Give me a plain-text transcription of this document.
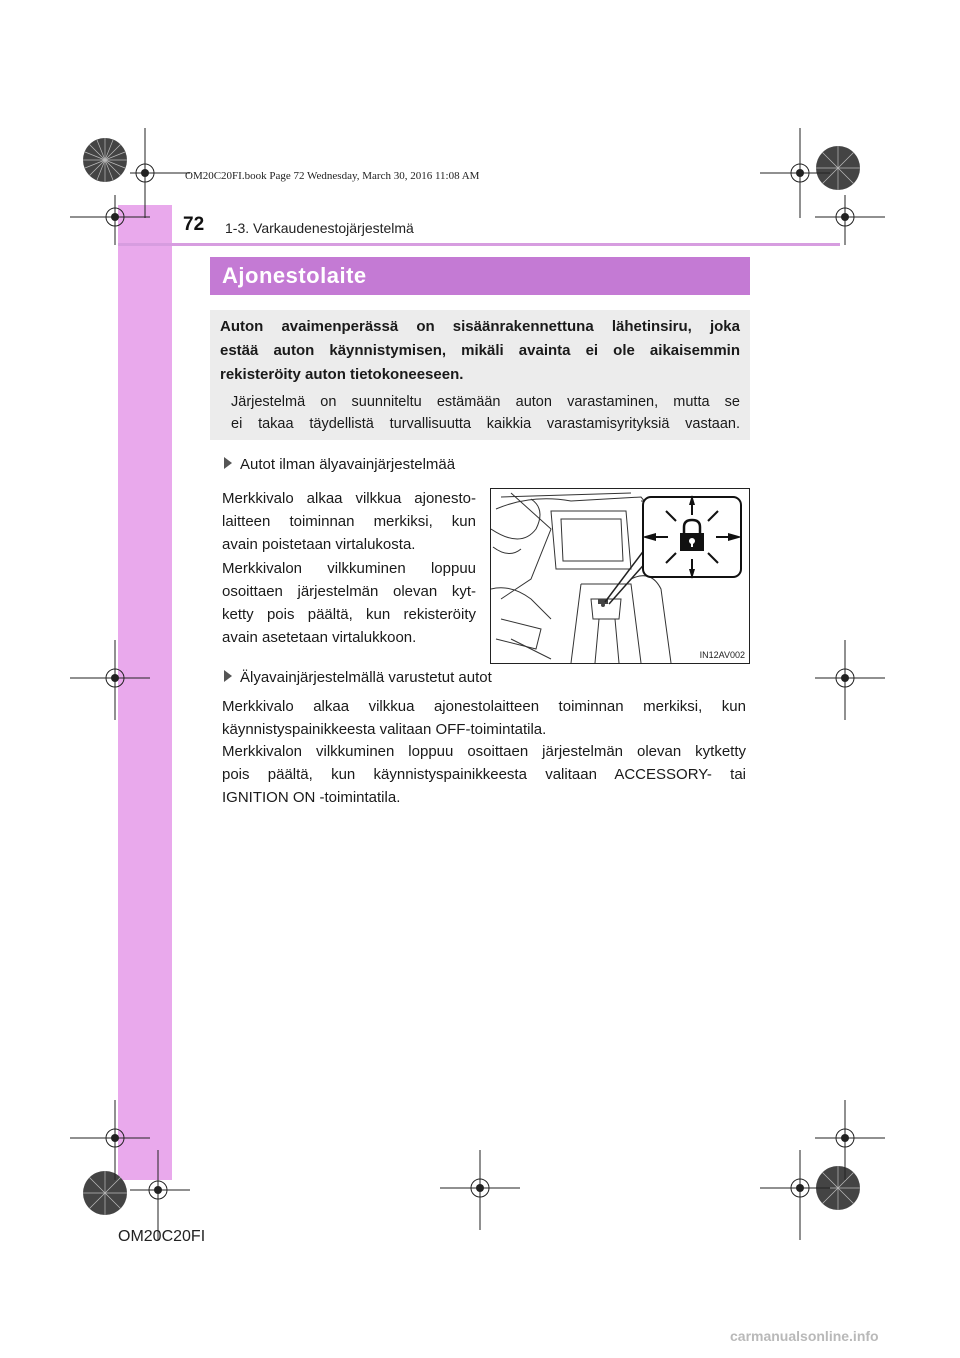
OM20C20FI.book Page 72 Wednesday, March 30, 2016 11:08 AM
72 1-3. Varkaudenestojärjestelmä
Ajonestolaite
Auton avaimenperässä on sisäänrakennettuna lähetinsiru, joka
estää auton käynnistymisen, mikäli avainta ei ole aikaisemmin
rekisteröity auton tietokoneeseen.
Järjestelmä on suunniteltu estämään auton varastaminen, mutta se
ei takaa täydellistä turvallisuutta kaikkia varastamisyrityksiä vastaan.
Autot ilman älyavainjärjestelmää
Merkkivalo alkaa vilkkua ajonesto-
laitteen toiminnan merkiksi, kun
avain poistetaan virtalukosta.
Merkkivalon vilkkuminen loppuu
osoittaen järjestelmän olevan kyt-
ketty pois päältä, kun rekisteröity
avain asetetaan virtalukkoon.
IN12AV002
Älyavainjärjestelmällä varustetut autot
Merkkivalo alkaa vilkkua ajonestolaitteen toiminnan merkiksi, kun
käynnistyspainikkeesta valitaan OFF-toimintatila.
Merkkivalon vilkkuminen loppuu osoittaen järjestelmän olevan kytketty
pois päältä, kun käynnistyspainikkeesta valitaan ACCESSORY- tai
IGNITION ON -toimintatila.
OM20C20FI
carmanualsonline.info
